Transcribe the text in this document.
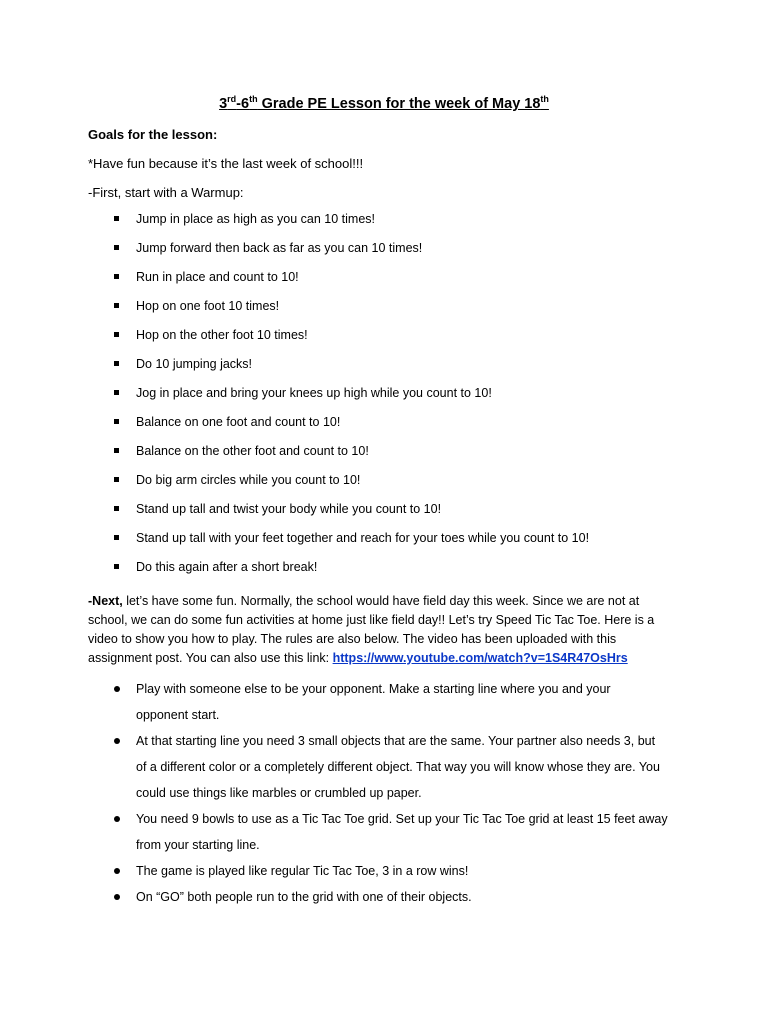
3rd-6th Grade PE Lesson for the week of May 18th
Goals for the lesson:
*Have fun because it’s the last week of school!!!
-First, start with a Warmup:
Jump in place as high as you can 10 times!
Jump forward then back as far as you can 10 times!
Run in place and count to 10!
Hop on one foot 10 times!
Hop on the other foot 10 times!
Do 10 jumping jacks!
Jog in place and bring your knees up high while you count to 10!
Balance on one foot and count to 10!
Balance on the other foot and count to 10!
Do big arm circles while you count to 10!
Stand up tall and twist your body while you count to 10!
Stand up tall with your feet together and reach for your toes while you count to 10!
Do this again after a short break!
-Next, let’s have some fun. Normally, the school would have field day this week. Since we are not at
school, we can do some fun activities at home just like field day!! Let’s try Speed Tic Tac Toe. Here is a
video to show you how to play. The rules are also below. The video has been uploaded with this
assignment post. You can also use this link: https://www.youtube.com/watch?v=1S4R47OsHrs
Play with someone else to be your opponent. Make a starting line where you and your
opponent start.
At that starting line you need 3 small objects that are the same. Your partner also needs 3, but
of a different color or a completely different object. That way you will know whose they are. You
could use things like marbles or crumbled up paper.
You need 9 bowls to use as a Tic Tac Toe grid. Set up your Tic Tac Toe grid at least 15 feet away
from your starting line.
The game is played like regular Tic Tac Toe, 3 in a row wins!
On “GO” both people run to the grid with one of their objects.
